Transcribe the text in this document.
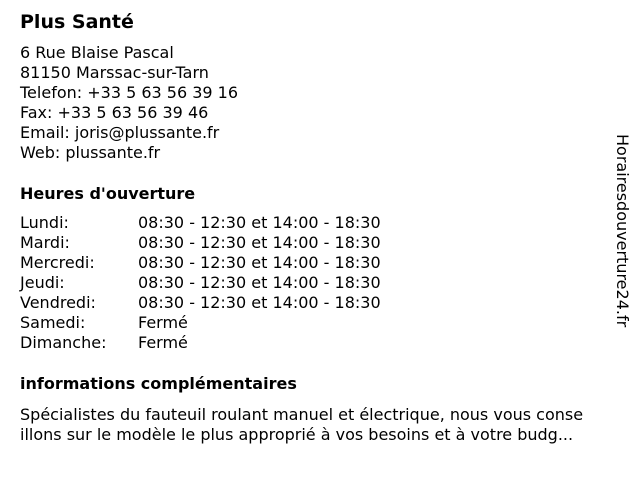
Plus Santé
6 Rue Blaise Pascal
81150 Marssac-sur-Tarn
Telefon: +33 5 63 56 39 16
Fax: +33 5 63 56 39 46
Email: joris@plussante.fr
Web: plussante.fr
Heures d'ouverture
Lundi:	08:30 - 12:30 et 14:00 - 18:30
Mardi:	08:30 - 12:30 et 14:00 - 18:30
Mercredi:	08:30 - 12:30 et 14:00 - 18:30
Jeudi:	08:30 - 12:30 et 14:00 - 18:30
Vendredi:	08:30 - 12:30 et 14:00 - 18:30
Samedi:	Fermé
Dimanche: Fermé
informations complémentaires
Spécialistes du fauteuil roulant manuel et électrique, nous vous conse
illons sur le modèle le plus approprié à vos besoins et à votre budg...
Horairesdouverture24.fr
